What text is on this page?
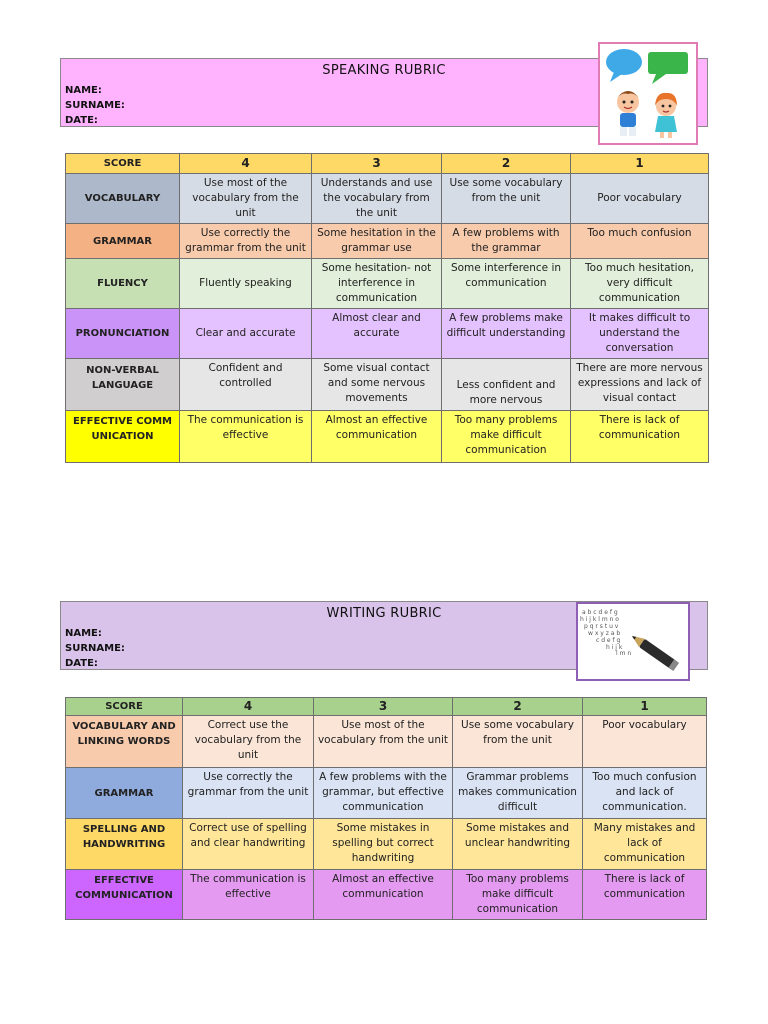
SPEAKING RUBRIC
NAME:
SURNAME:
DATE:
SCORE	4	3	2	1
VOCABULARY	Use most of the vocabulary from the unit	Understands and use the vocabulary from the unit	Use some vocabulary from the unit	Poor vocabulary
GRAMMAR	Use correctly the grammar from the unit	Some hesitation in the grammar use	A few problems with the grammar	Too much confusion
FLUENCY	Fluently speaking	Some hesitation- not interference in communication	Some interference in communication	Too much hesitation, very difficult communication
PRONUNCIATION	Clear and accurate	Almost clear and accurate	A few problems make difficult understanding	It makes difficult to understand the conversation
NON-VERBAL LANGUAGE	Confident and controlled	Some visual contact and some nervous movements	Less confident and more nervous	There are more nervous expressions and lack of visual contact
EFFECTIVE COMMUNICATION	The communication is effective	Almost an effective communication	Too many problems make difficult communication	There is lack of communication
WRITING RUBRIC
NAME:
SURNAME:
DATE:
a b c d e f g
h i j k l m n o
p q r s t u v
w x y z a b
c d e f g
h i j k
l m n
SCORE	4	3	2	1
VOCABULARY AND LINKING WORDS	Correct use the vocabulary from the unit	Use most of the vocabulary from the unit	Use some vocabulary from the unit	Poor vocabulary
GRAMMAR	Use correctly the grammar from the unit	A few problems with the grammar, but effective communication	Grammar problems makes communication difficult	Too much confusion and lack of communication.
SPELLING AND HANDWRITING	Correct use of spelling and clear handwriting	Some mistakes in spelling but correct handwriting	Some mistakes and unclear handwriting	Many mistakes and lack of communication
EFFECTIVE COMMUNICATION	The communication is effective	Almost an effective communication	Too many problems make difficult communication	There is lack of communication
